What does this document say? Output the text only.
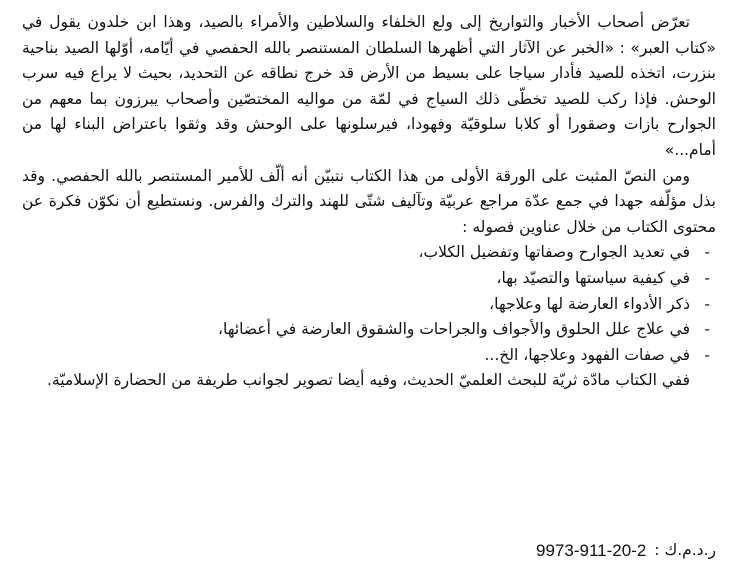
تعرّض أصحاب الأخبار والتواريخ إلى ولع الخلفاء والسلاطين والأمراء بالصيد، وهذا ابن خلدون يقول في «كتاب العبر» : «الخبر عن الآثار التي أظهرها السلطان المستنصر بالله الحفصي في أيّامه، أوّلها الصيد بناحية بنزرت، اتخذه للصيد فأدار سياجا على بسيط من الأرض قد خرج نطاقه عن التحديد، بحيث لا يراع فيه سرب الوحش. فإذا ركب للصيد تخطّى ذلك السياج في لمّة من مواليه المختصّين وأصحاب يبرزون بما معهم من الجوارح بازات وصقورا أو كلابا سلوقيّة وفهودا، فيرسلونها على الوحش وقد وثقوا باعتراض البناء لها من أمام...»

ومن النصّ المثبت على الورقة الأولى من هذا الكتاب نتبيّن أنه ألّف للأمير المستنصر بالله الحفصي. وقد بذل مؤلّفه جهدا في جمع عدّة مراجع عربيّة وتآليف شتّى للهند والترك والفرس. ونستطيع أن نكوّن فكرة عن محتوى الكتاب من خلال عناوين فصوله :

-
في تعديد الجوارح وصفاتها وتفضيل الكلاب،
-
في كيفية سياستها والتصيّد بها،
-
ذكر الأدواء العارضة لها وعلاجها،
-
في علاج علل الحلوق والأجواف والجراحات والشقوق العارضة في أعضائها،
-
في صفات الفهود وعلاجها، الخ...

ففي الكتاب مادّة ثريّة للبحث العلميّ الحديث، وفيه أيضا تصوير لجوانب طريفة من الحضارة الإسلاميّة.

ر.د.م.ك :
9973-911-20-2
